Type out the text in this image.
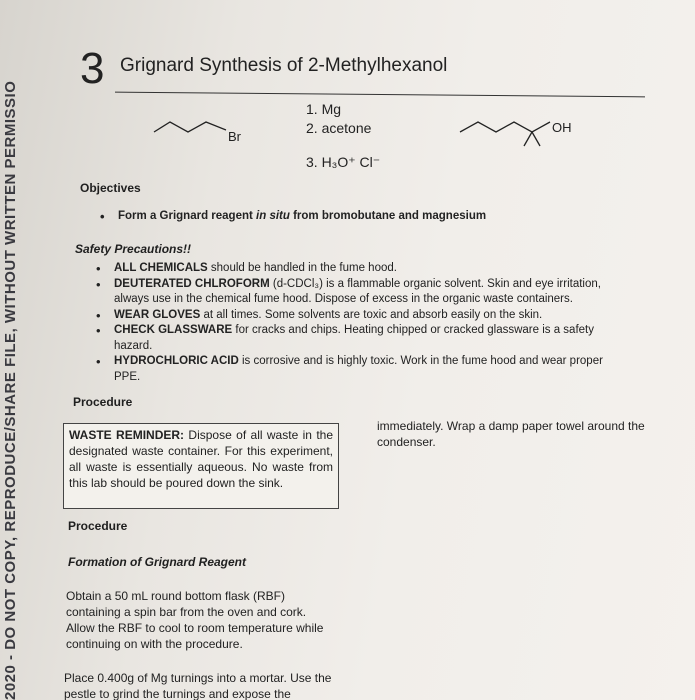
2020 - DO NOT COPY, REPRODUCE/SHARE FILE, WITHOUT WRITTEN PERMISSIO
3 Grignard Synthesis of 2-Methylhexanol
Br
OH
1. Mg
2. acetone
3. H₃O⁺ Cl⁻
Objectives
• Form a Grignard reagent in situ from bromobutane and magnesium
Safety Precautions!!
• ALL CHEMICALS should be handled in the fume hood.
• DEUTERATED CHLROFORM (d-CDCl₃) is a flammable organic solvent. Skin and eye irritation, always use in the chemical fume hood. Dispose of excess in the organic waste containers.
• WEAR GLOVES at all times. Some solvents are toxic and absorb easily on the skin.
• CHECK GLASSWARE for cracks and chips. Heating chipped or cracked glassware is a safety hazard.
• HYDROCHLORIC ACID is corrosive and is highly toxic. Work in the fume hood and wear proper PPE.
Procedure
WASTE REMINDER: Dispose of all waste in the designated waste container. For this experiment, all waste is essentially aqueous. No waste from this lab should be poured down the sink.
immediately. Wrap a damp paper towel around the condenser.
Procedure
Formation of Grignard Reagent
Obtain a 50 mL round bottom flask (RBF) containing a spin bar from the oven and cork. Allow the RBF to cool to room temperature while continuing on with the procedure.
Place 0.400g of Mg turnings into a mortar. Use the pestle to grind the turnings and expose the
